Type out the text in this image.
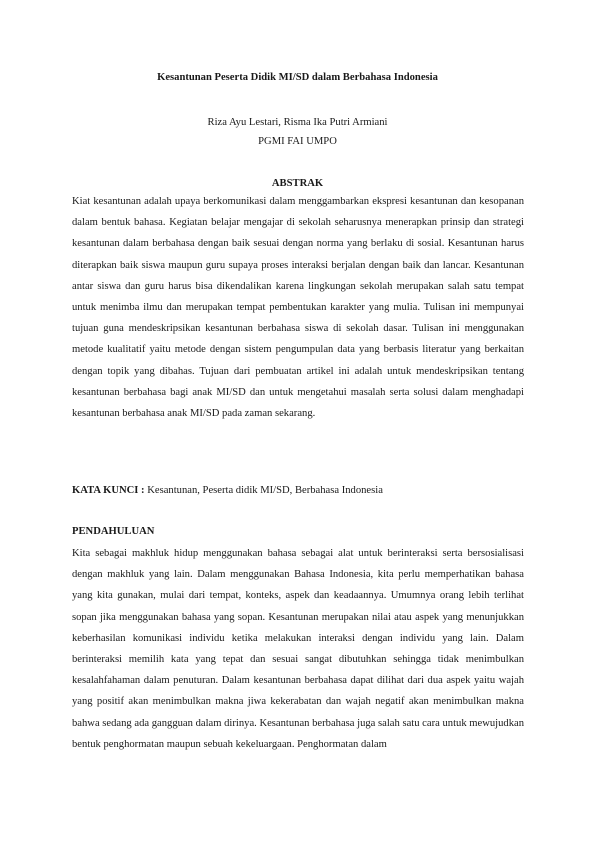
Kesantunan Peserta Didik MI/SD dalam Berbahasa Indonesia
Riza Ayu Lestari, Risma Ika Putri Armiani
PGMI FAI UMPO
ABSTRAK
Kiat kesantunan adalah upaya berkomunikasi dalam menggambarkan ekspresi kesantunan dan kesopanan dalam bentuk bahasa. Kegiatan belajar mengajar di sekolah seharusnya menerapkan prinsip dan strategi kesantunan dalam berbahasa dengan baik sesuai dengan norma yang berlaku di sosial. Kesantunan harus diterapkan baik siswa maupun guru supaya proses interaksi berjalan dengan baik dan lancar. Kesantunan antar siswa dan guru harus bisa dikendalikan karena lingkungan sekolah merupakan salah satu tempat untuk menimba ilmu dan merupakan tempat pembentukan karakter yang mulia. Tulisan ini mempunyai tujuan guna mendeskripsikan kesantunan berbahasa siswa di sekolah dasar. Tulisan ini menggunakan metode kualitatif yaitu metode dengan sistem pengumpulan data yang berbasis literatur yang berkaitan dengan topik yang dibahas. Tujuan dari pembuatan artikel ini adalah untuk mendeskripsikan tentang kesantunan berbahasa bagi anak MI/SD dan untuk mengetahui masalah serta solusi dalam menghadapi kesantunan berbahasa anak MI/SD pada zaman sekarang.
KATA KUNCI : Kesantunan, Peserta didik MI/SD, Berbahasa Indonesia
PENDAHULUAN
Kita sebagai makhluk hidup menggunakan bahasa sebagai alat untuk berinteraksi serta bersosialisasi dengan makhluk yang lain. Dalam menggunakan Bahasa Indonesia, kita perlu memperhatikan bahasa yang kita gunakan, mulai dari tempat, konteks, aspek dan keadaannya. Umumnya orang lebih terlihat sopan jika menggunakan bahasa yang sopan. Kesantunan merupakan nilai atau aspek yang menunjukkan keberhasilan komunikasi individu ketika melakukan interaksi dengan individu yang lain. Dalam berinteraksi memilih kata yang tepat dan sesuai sangat dibutuhkan sehingga tidak menimbulkan kesalahfahaman dalam penuturan. Dalam kesantunan berbahasa dapat dilihat dari dua aspek yaitu wajah yang positif akan menimbulkan makna jiwa kekerabatan dan wajah negatif akan menimbulkan makna bahwa sedang ada gangguan dalam dirinya. Kesantunan berbahasa juga salah satu cara untuk mewujudkan bentuk penghormatan maupun sebuah kekeluargaan. Penghormatan dalam
